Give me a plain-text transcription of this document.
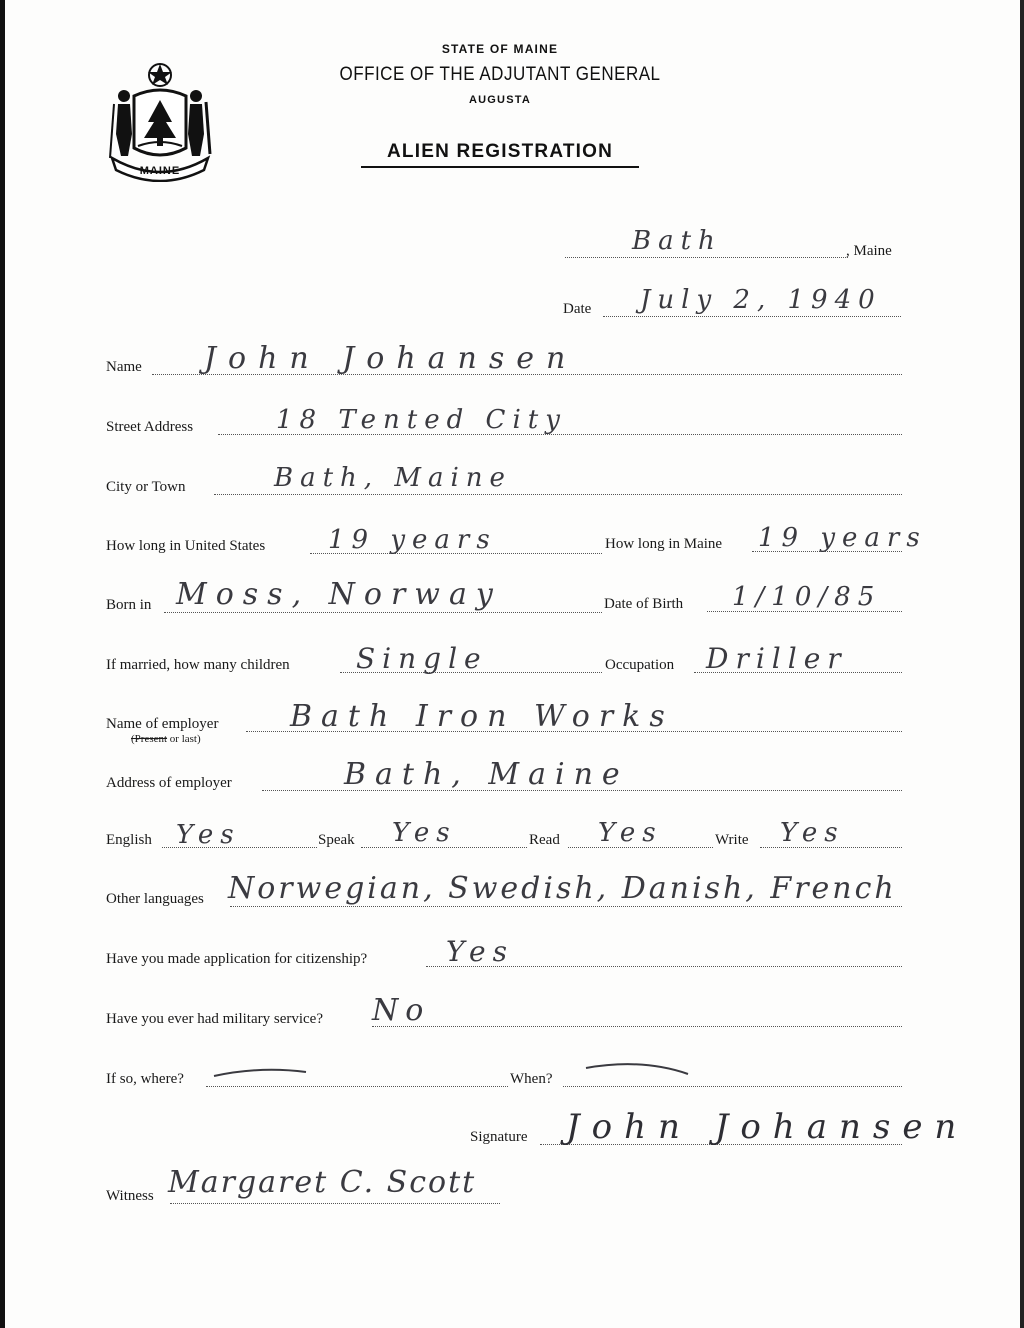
MAINE
STATE OF MAINE
OFFICE OF THE ADJUTANT GENERAL
AUGUSTA
ALIEN REGISTRATION
Bath	, Maine
Date July 2, 1940
Name John Johansen
Street Address	18 Tented City
City or Town	Bath, Maine
How long in United States 19 years	How long in Maine 19 years
Born in Moss, Norway	Date of Birth 1/10/85
If married, how many children Single	Occupation Driller
Name of employer
(Present or last)
Bath Iron Works
Address of employer	Bath, Maine
English Yes	Speak Yes	Read Yes	Write Yes
Other languages Norwegian, Swedish, Danish, French
Have you made application for citizenship?	Yes
Have you ever had military service? No
If so, where?	When?
Signature John Johansen
Witness Margaret C. Scott
